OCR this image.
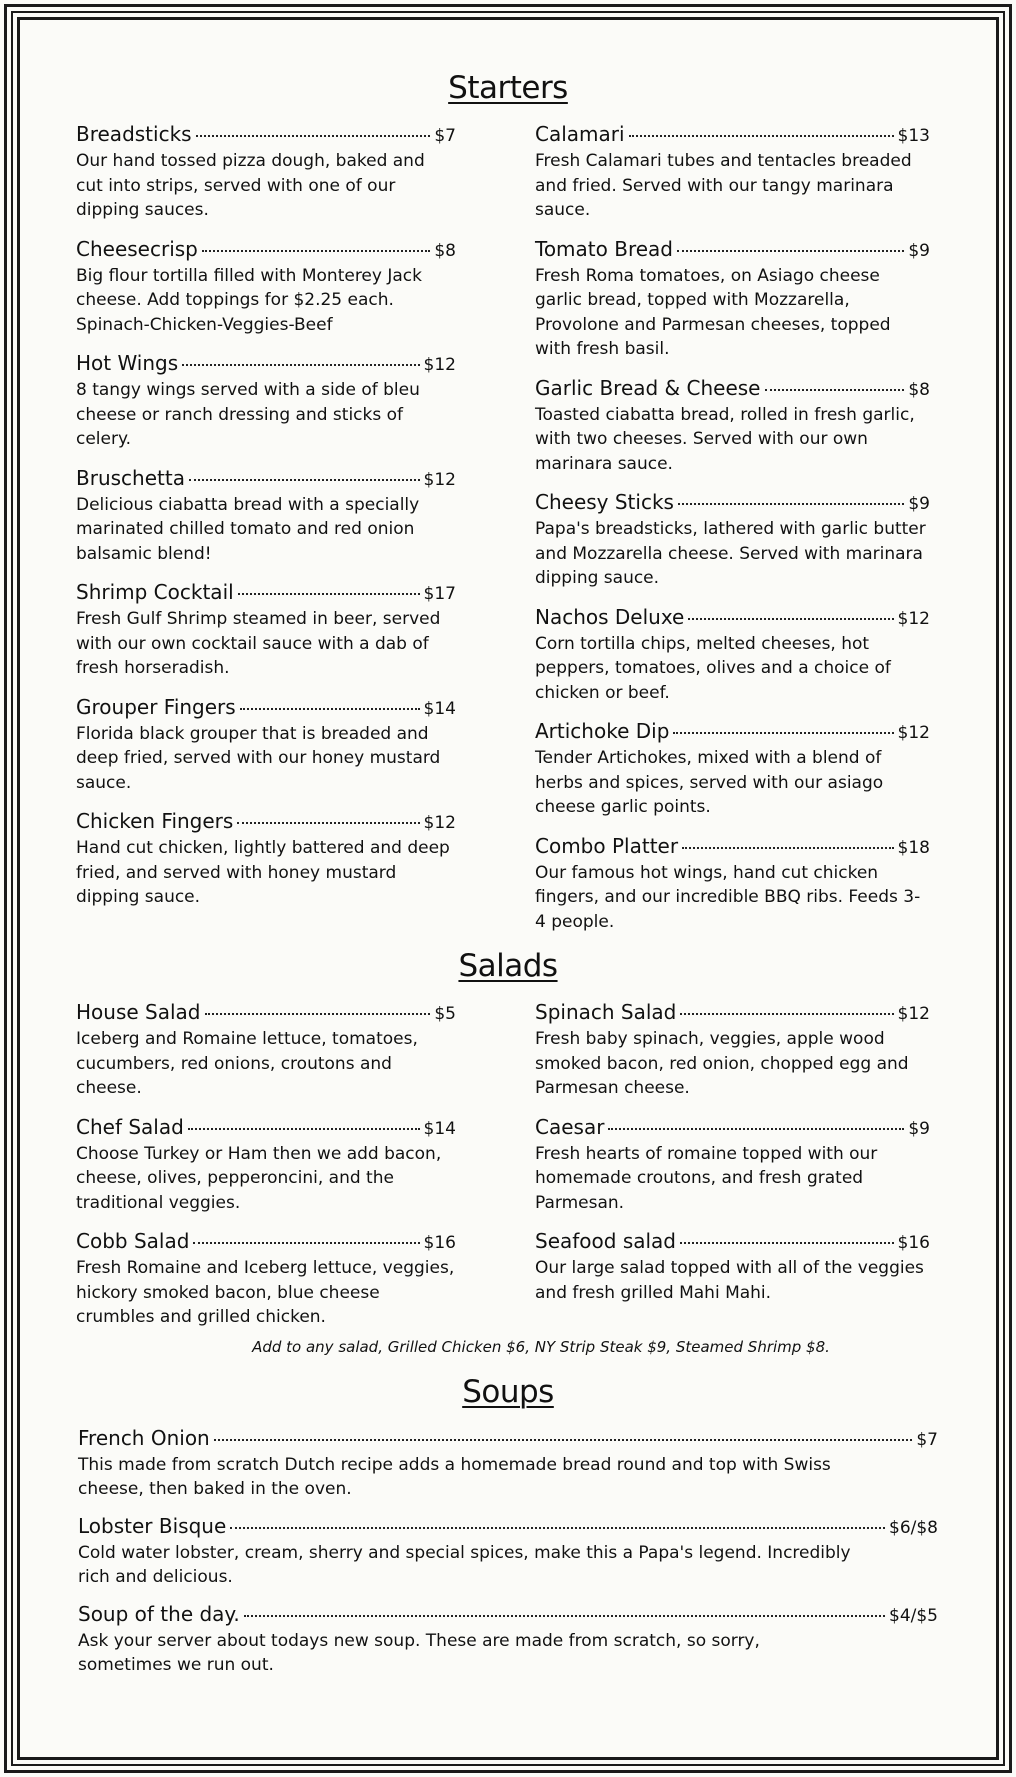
Starters
Breadsticks	$7
Our hand tossed pizza dough, baked and cut into strips, served with one of our dipping sauces.
Cheesecrisp	$8
Big flour tortilla filled with Monterey Jack cheese. Add toppings for $2.25 each. Spinach-Chicken-Veggies-Beef
Hot Wings	$12
8 tangy wings served with a side of bleu cheese or ranch dressing and sticks of celery.
Bruschetta	$12
Delicious ciabatta bread with a specially marinated chilled tomato and red onion balsamic blend!
Shrimp Cocktail	$17
Fresh Gulf Shrimp steamed in beer, served with our own cocktail sauce with a dab of fresh horseradish.
Grouper Fingers	$14
Florida black grouper that is breaded and deep fried, served with our honey mustard sauce.
Chicken Fingers	$12
Hand cut chicken, lightly battered and deep fried, and served with honey mustard dipping sauce.
Calamari	$13
Fresh Calamari tubes and tentacles breaded and fried. Served with our tangy marinara sauce.
Tomato Bread	$9
Fresh Roma tomatoes, on Asiago cheese garlic bread, topped with Mozzarella, Provolone and Parmesan cheeses, topped with fresh basil.
Garlic Bread & Cheese	$8
Toasted ciabatta bread, rolled in fresh garlic, with two cheeses. Served with our own marinara sauce.
Cheesy Sticks	$9
Papa's breadsticks, lathered with garlic butter and Mozzarella cheese. Served with marinara dipping sauce.
Nachos Deluxe	$12
Corn tortilla chips, melted cheeses, hot peppers, tomatoes, olives and a choice of chicken or beef.
Artichoke Dip	$12
Tender Artichokes, mixed with a blend of herbs and spices, served with our asiago cheese garlic points.
Combo Platter	$18
Our famous hot wings, hand cut chicken fingers, and our incredible BBQ ribs. Feeds 3-4 people.
Salads
House Salad	$5
Iceberg and Romaine lettuce, tomatoes, cucumbers, red onions, croutons and cheese.
Chef Salad	$14
Choose Turkey or Ham then we add bacon, cheese, olives, pepperoncini, and the traditional veggies.
Cobb Salad	$16
Fresh Romaine and Iceberg lettuce, veggies, hickory smoked bacon, blue cheese crumbles and grilled chicken.
Spinach Salad	$12
Fresh baby spinach, veggies, apple wood smoked bacon, red onion, chopped egg and Parmesan cheese.
Caesar	$9
Fresh hearts of romaine topped with our homemade croutons, and fresh grated Parmesan.
Seafood salad	$16
Our large salad topped with all of the veggies and fresh grilled Mahi Mahi.
Add to any salad, Grilled Chicken $6, NY Strip Steak $9, Steamed Shrimp $8.
Soups
French Onion	$7
This made from scratch Dutch recipe adds a homemade bread round and top with Swiss cheese, then baked in the oven.
Lobster Bisque	$6/$8
Cold water lobster, cream, sherry and special spices, make this a Papa's legend. Incredibly rich and delicious.
Soup of the day.	$4/$5
Ask your server about todays new soup. These are made from scratch, so sorry, sometimes we run out.
